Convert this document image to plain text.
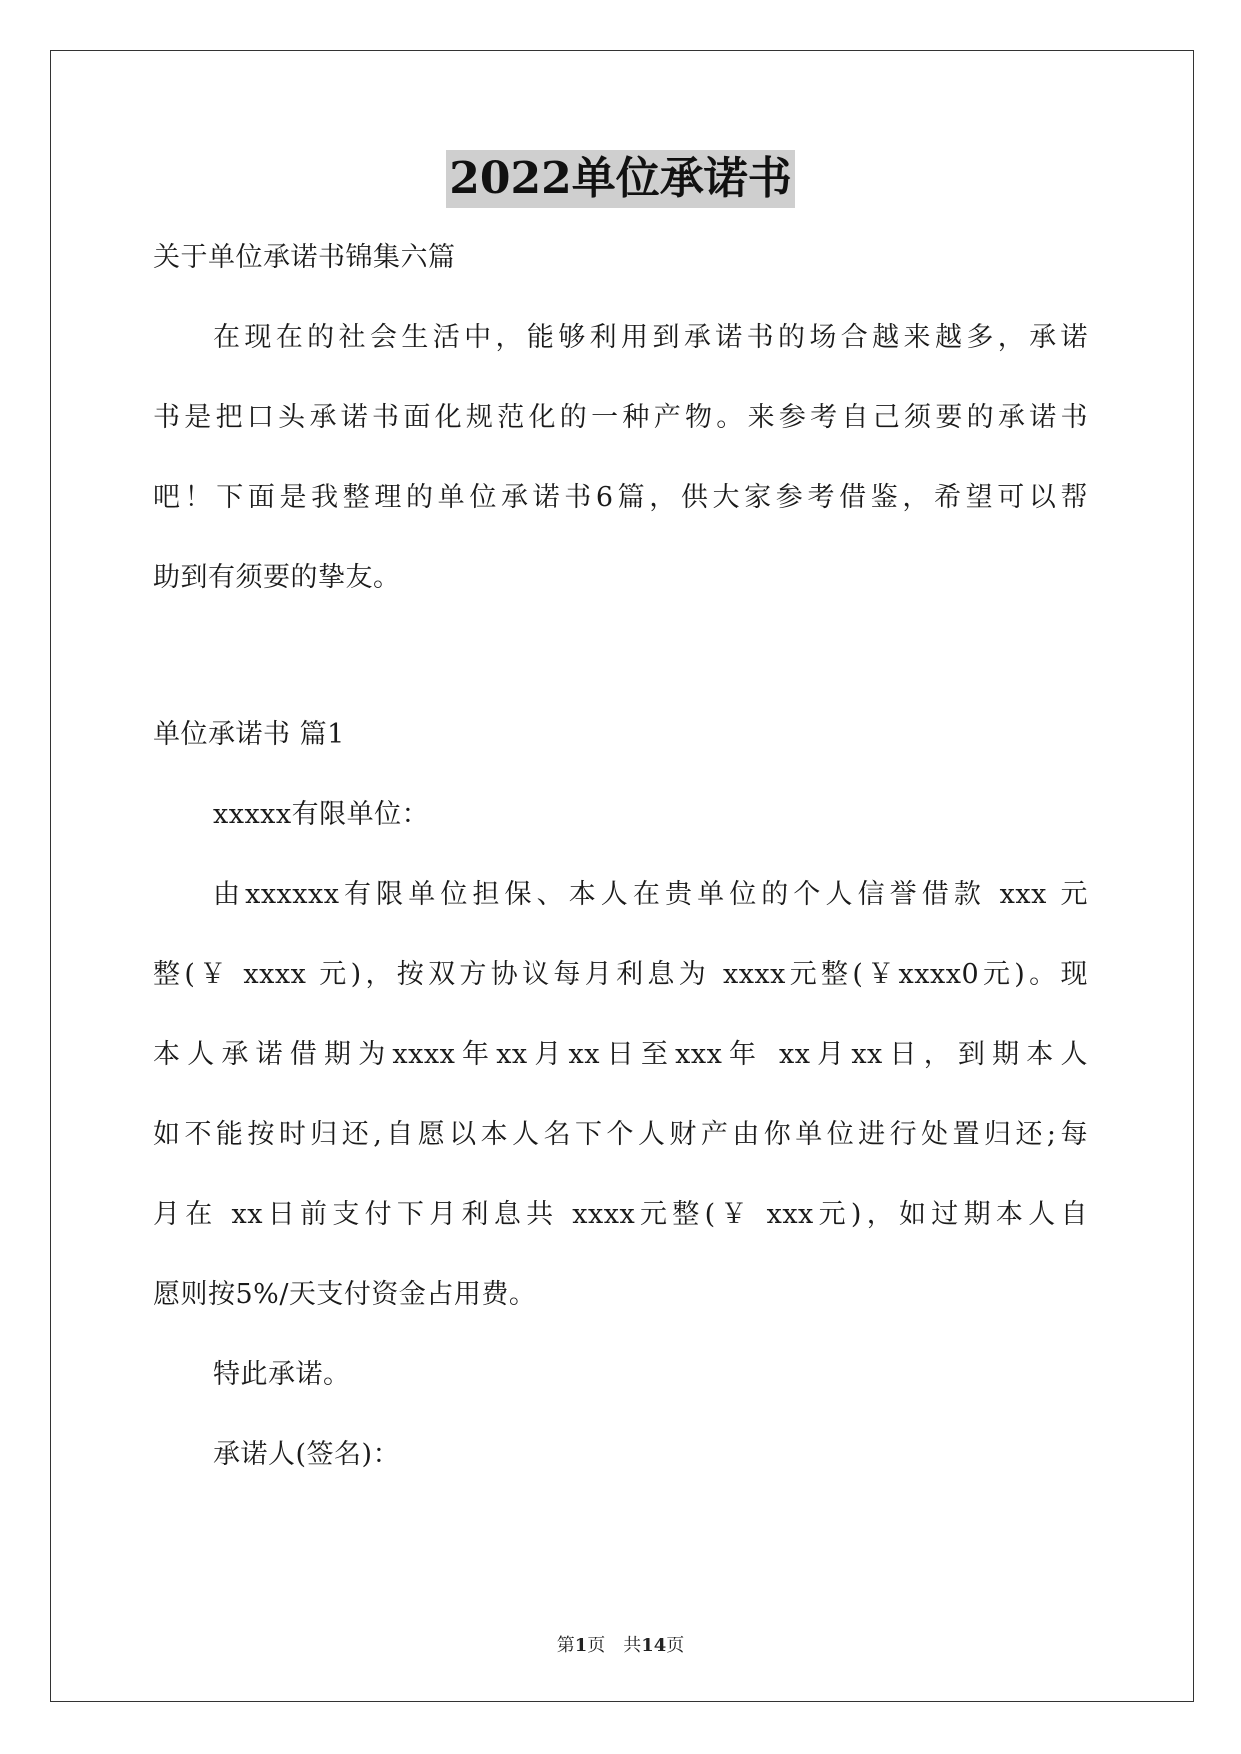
2022单位承诺书
关于单位承诺书锦集六篇
在现在的社会生活中，能够利用到承诺书的场合越来越多，承诺
书是把口头承诺书面化规范化的一种产物。来参考自己须要的承诺书
吧！下面是我整理的单位承诺书6篇，供大家参考借鉴，希望可以帮
助到有须要的挚友。
单位承诺书 篇1
xxxxx有限单位：
由xxxxxx有限单位担保、本人在贵单位的个人信誉借款 xxx 元
整(￥ xxxx 元)，按双方协议每月利息为 xxxx元整(￥xxxx0元)。现
本人承诺借期为xxxx年xx月xx日至xxx年 xx月xx日，到期本人
如不能按时归还,自愿以本人名下个人财产由你单位进行处置归还;每
月在 xx日前支付下月利息共 xxxx元整(￥ xxx元)，如过期本人自
愿则按5%/天支付资金占用费。
特此承诺。
承诺人(签名)：
第1页 共14页
